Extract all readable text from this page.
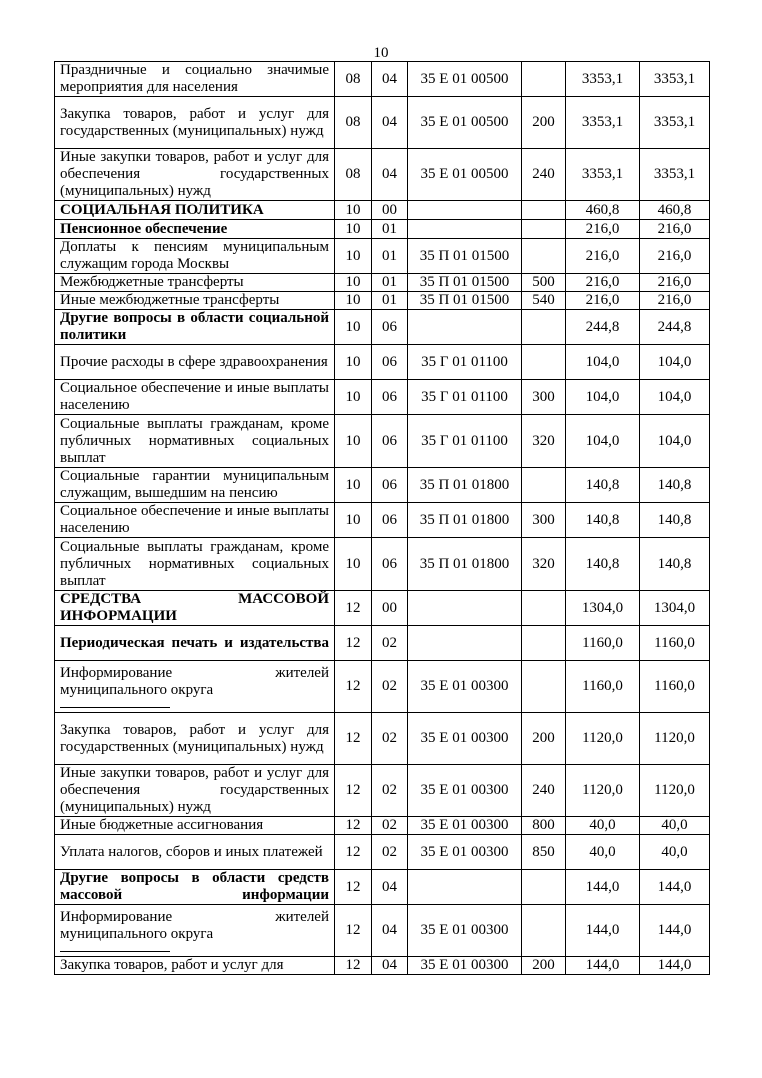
10
Праздничные и социально значимые мероприятия для населения	08	04	35 Е 01 00500		3353,1	3353,1
Закупка товаров, работ и услуг для государственных (муниципальных) нужд	08	04	35 Е 01 00500	200	3353,1	3353,1
Иные закупки товаров, работ и услуг для обеспечения государственных (муниципальных) нужд	08	04	35 Е 01 00500	240	3353,1	3353,1
СОЦИАЛЬНАЯ ПОЛИТИКА	10	00			460,8	460,8
Пенсионное обеспечение	10	01			216,0	216,0
Доплаты к пенсиям муниципальным служащим города Москвы	10	01	35 П 01 01500		216,0	216,0
Межбюджетные трансферты	10	01	35 П 01 01500	500	216,0	216,0
Иные межбюджетные трансферты	10	01	35 П 01 01500	540	216,0	216,0
Другие вопросы в области социальной политики	10	06			244,8	244,8
Прочие расходы в сфере здравоохранения	10	06	35 Г 01 01100		104,0	104,0
Социальное обеспечение и иные выплаты населению	10	06	35 Г 01 01100	300	104,0	104,0
Социальные выплаты гражданам, кроме публичных нормативных социальных выплат	10	06	35 Г 01 01100	320	104,0	104,0
Социальные гарантии муниципальным служащим, вышедшим на пенсию	10	06	35 П 01 01800		140,8	140,8
Социальное обеспечение и иные выплаты населению	10	06	35 П 01 01800	300	140,8	140,8
Социальные выплаты гражданам, кроме публичных нормативных социальных выплат	10	06	35 П 01 01800	320	140,8	140,8
СРЕДСТВА МАССОВОЙ ИНФОРМАЦИИ	12	00			1304,0	1304,0
Периодическая печать и издательства	12	02			1160,0	1160,0
Информирование жителей муниципального округа	12	02	35 Е 01 00300		1160,0	1160,0
Закупка товаров, работ и услуг для государственных (муниципальных) нужд	12	02	35 Е 01 00300	200	1120,0	1120,0
Иные закупки товаров, работ и услуг для обеспечения государственных (муниципальных) нужд	12	02	35 Е 01 00300	240	1120,0	1120,0
Иные бюджетные ассигнования	12	02	35 Е 01 00300	800	40,0	40,0
Уплата налогов, сборов и иных платежей	12	02	35 Е 01 00300	850	40,0	40,0
Другие вопросы в области средств массовой информации	12	04			144,0	144,0
Информирование жителей муниципального округа	12	04	35 Е 01 00300		144,0	144,0
Закупка товаров, работ и услуг для	12	04	35 Е 01 00300	200	144,0	144,0
